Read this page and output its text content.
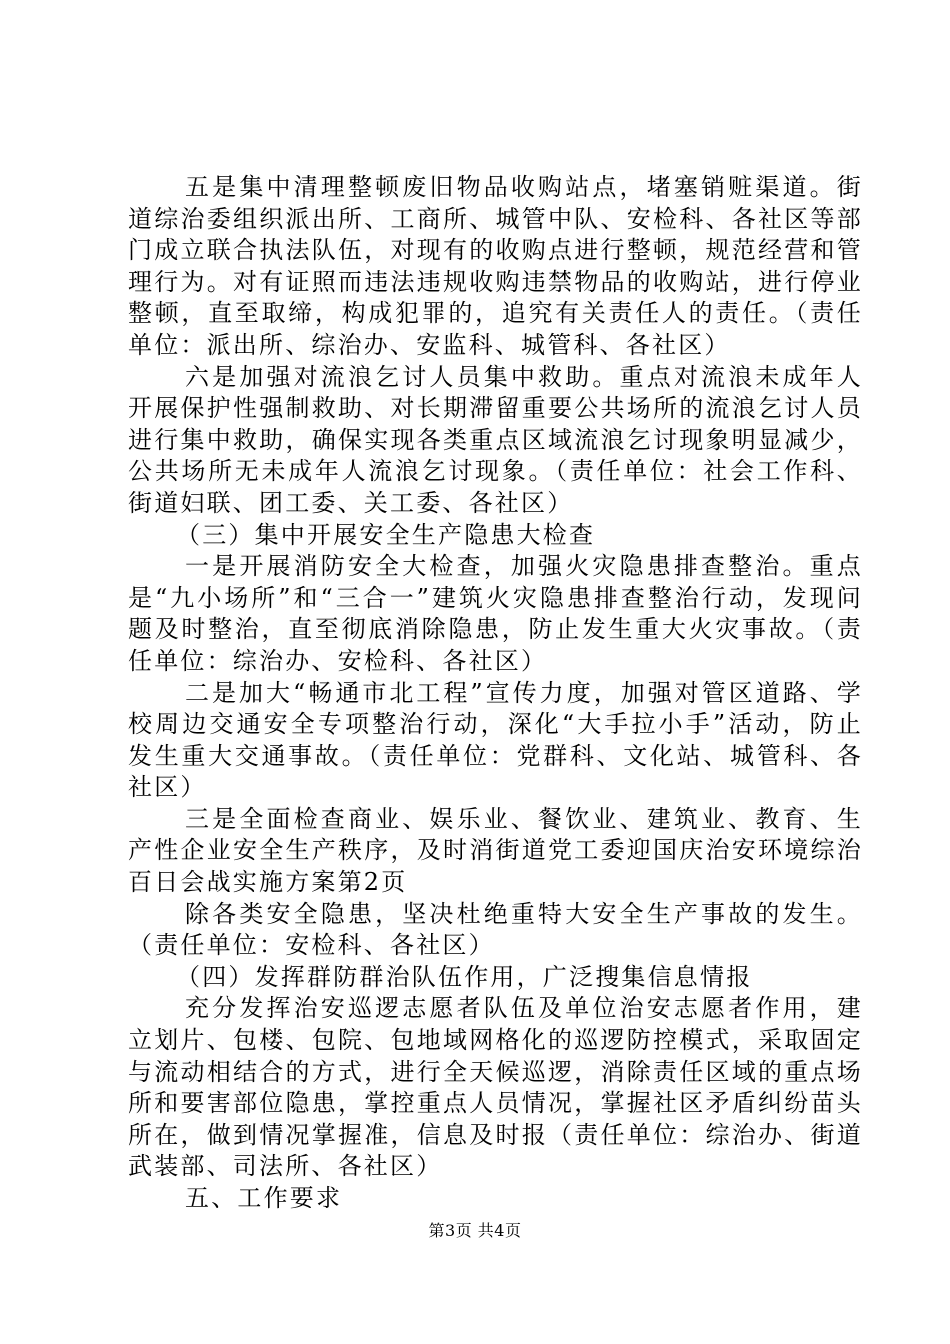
五是集中清理整顿废旧物品收购站点，堵塞销赃渠道。街道综治委组织派出所、工商所、城管中队、安检科、各社区等部门成立联合执法队伍，对现有的收购点进行整顿，规范经营和管理行为。对有证照而违法违规收购违禁物品的收购站，进行停业整顿，直至取缔，构成犯罪的，追究有关责任人的责任。（责任单位：派出所、综治办、安监科、城管科、各社区）

六是加强对流浪乞讨人员集中救助。重点对流浪未成年人开展保护性强制救助、对长期滞留重要公共场所的流浪乞讨人员进行集中救助，确保实现各类重点区域流浪乞讨现象明显减少，公共场所无未成年人流浪乞讨现象。（责任单位：社会工作科、街道妇联、团工委、关工委、各社区）

（三）集中开展安全生产隐患大检查

一是开展消防安全大检查，加强火灾隐患排查整治。重点是“九小场所”和“三合一”建筑火灾隐患排查整治行动，发现问题及时整治，直至彻底消除隐患，防止发生重大火灾事故。（责任单位：综治办、安检科、各社区）

二是加大“畅通市北工程”宣传力度，加强对管区道路、学校周边交通安全专项整治行动，深化“大手拉小手”活动，防止发生重大交通事故。（责任单位：党群科、文化站、城管科、各社区）

三是全面检查商业、娱乐业、餐饮业、建筑业、教育、生产性企业安全生产秩序，及时消街道党工委迎国庆治安环境综治百日会战实施方案第2页

除各类安全隐患，坚决杜绝重特大安全生产事故的发生。（责任单位：安检科、各社区）

（四）发挥群防群治队伍作用，广泛搜集信息情报

充分发挥治安巡逻志愿者队伍及单位治安志愿者作用，建立划片、包楼、包院、包地域网格化的巡逻防控模式，采取固定与流动相结合的方式，进行全天候巡逻，消除责任区域的重点场所和要害部位隐患，掌控重点人员情况，掌握社区矛盾纠纷苗头所在，做到情况掌握准，信息及时报（责任单位：综治办、街道武装部、司法所、各社区）

五、工作要求

第3页 共4页
